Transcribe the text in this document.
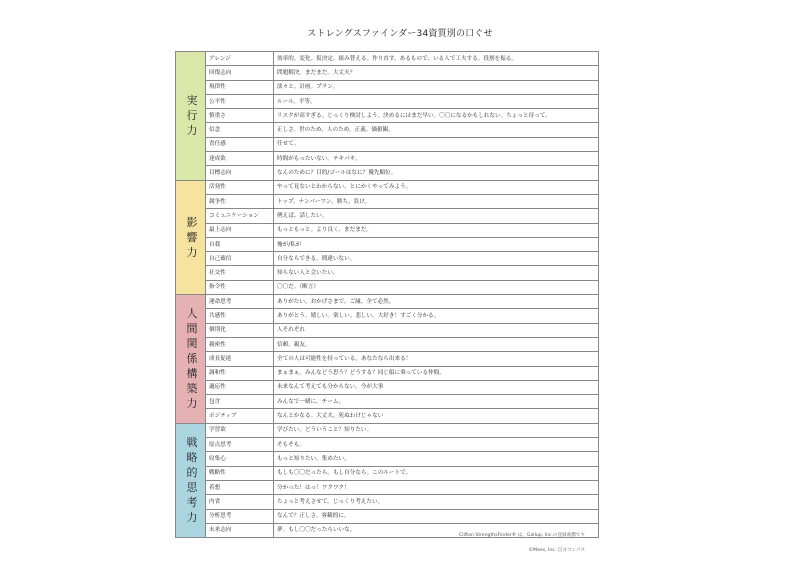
ストレングスファインダー34資質別の口ぐせ
実行力	アレンジ	効率的。変化。仮決定。組み替える。作り直す。あるもので、いる人で工夫する。役割を振る。
	回復志向	問題解決。まだまだ。大丈夫？
	規律性	淡々と。計画。プラン。
	公平性	ルール。平等。
	慎重さ	リスクが高すぎる。じっくり検討しよう。決めるにはまだ早い。〇〇になるかもしれない。ちょっと待って。
	信念	正しさ。世のため、人のため。正義。価値観。
	責任感	任せて。
	達成欲	時間がもったいない。テキパキ。
	目標志向	なんのために？目的/ゴールはなに？優先順位。
影響力	活発性	やって見ないとわからない。とにかくやってみよう。
	競争性	トップ。ナンバーワン。勝ち。負け。
	コミュニケーション	例えば。話したい。
	最上志向	もっともっと。より良く。まだまだ。
	自我	俺が/私が
	自己確信	自分ならできる。間違いない。
	社交性	知らない人と会いたい。
	指令性	〇〇だ。（断言）
人間関係構築力	運命思考	ありがたい。おかげさまで。ご縁。全て必然。
	共感性	ありがとう。嬉しい。楽しい。悲しい。大好き！すごく分かる。
	個別化	人それぞれ
	親密性	信頼。親友。
	成長促進	全ての人は可能性を持っている。あなたなら出来る！
	調和性	まぁまぁ。みんなどう思う？どうする？同じ船に乗っている仲間。
	適応性	未来なんて考えても分からない。今が大事
	包含	みんなで一緒に。チーム。
	ポジティブ	なんとかなる。大丈夫。死ぬわけじゃない
戦略的思考力	学習欲	学びたい。どういうこと？知りたい。
	原点思考	そもそも。
	収集心	もっと知りたい。集めたい。
	戦略性	もしも〇〇だったら。もし自分なら。このルートで。
	着想	分かった！はっ！ワクワク！
	内省	ちょっと考えさせて。じっくり考えたい。
	分析思考	なんで？正しさ。客観的に。
	未来志向	夢。もし〇〇だったらいいな。
Clifton StrengthsFinder® は、Gallup, Inc.の登録商標です
©Mees, Inc. 自分コンパス
